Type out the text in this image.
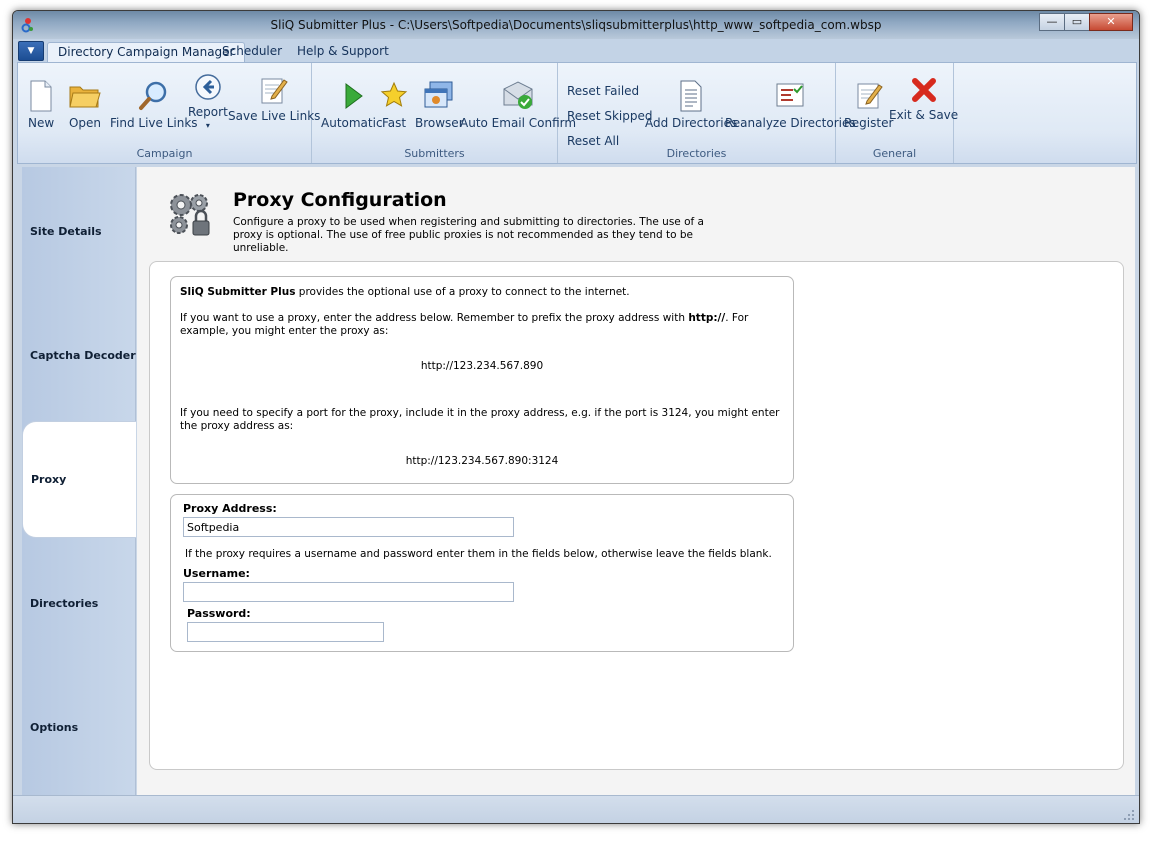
SliQ Submitter Plus - C:\Users\Softpedia\Documents\sliqsubmitterplus\http_www_softpedia_com.wbsp	—	▭	✕
▼	Directory Campaign Manager
Scheduler	Help & Support
New Open Find Live Links
Report
▾
Save Live Links
Campaign
Automatic Fast Browser
Auto Email Confirm
Submitters
Reset Failed
Reset Skipped
Reset All
Add Directories
Reanalyze Directories
Directories
Register
Exit & Save
General
Site Details
Captcha Decoder
Proxy
Directories
Options
Proxy Configuration
Configure a proxy to be used when registering and submitting to directories. The use of a proxy is optional. The use of free public proxies is not recommended as they tend to be unreliable.

SliQ Submitter Plus provides the optional use of a proxy to connect to the internet.

If you want to use a proxy, enter the address below. Remember to prefix the proxy address with http://. For example, you might enter the proxy as:

http://123.234.567.890

If you need to specify a port for the proxy, include it in the proxy address, e.g. if the port is 3124, you might enter the proxy address as:

http://123.234.567.890:3124

Proxy Address:
Softpedia
If the proxy requires a username and password enter them in the fields below, otherwise leave the fields blank.
Username:
Password:
